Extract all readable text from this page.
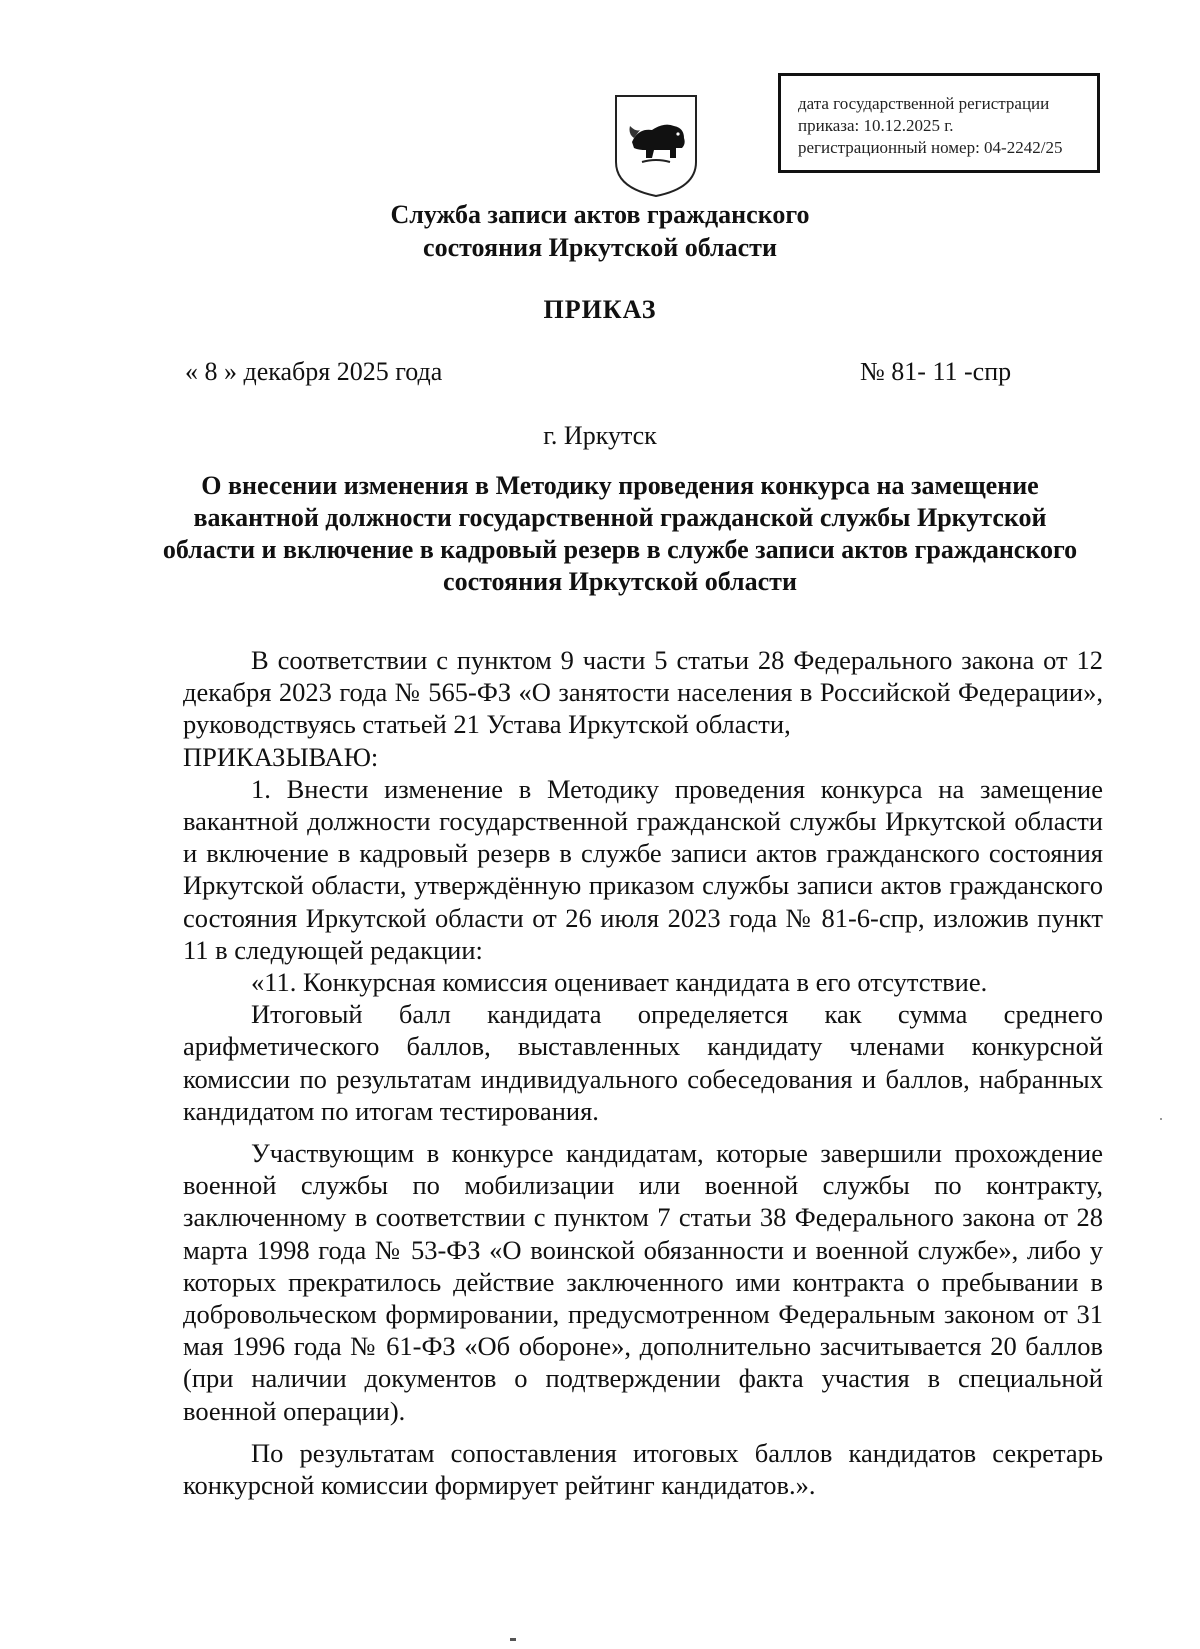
дата государственной регистрации
приказа: 10.12.2025 г.
регистрационный номер: 04-2242/25
Служба записи актов гражданского
состояния Иркутской области
ПРИКАЗ
« 8 » декабря 2025 года	№ 81- 11 -спр
г. Иркутск
О внесении изменения в Методику проведения конкурса на замещение вакантной должности государственной гражданской службы Иркутской области и включение в кадровый резерв в службе записи актов гражданского состояния Иркутской области

В соответствии с пунктом 9 части 5 статьи 28 Федерального закона от 12 декабря 2023 года № 565-ФЗ «О занятости населения в Российской Федерации», руководствуясь статьей 21 Устава Иркутской области,

ПРИКАЗЫВАЮ:

1. Внести изменение в Методику проведения конкурса на замещение вакантной должности государственной гражданской службы Иркутской области и включение в кадровый резерв в службе записи актов гражданского состояния Иркутской области, утверждённую приказом службы записи актов гражданского состояния Иркутской области от 26 июля 2023 года № 81-6-спр, изложив пункт 11 в следующей редакции:

«11. Конкурсная комиссия оценивает кандидата в его отсутствие.

Итоговый балл кандидата определяется как сумма среднего арифметического баллов, выставленных кандидату членами конкурсной комиссии по результатам индивидуального собеседования и баллов, набранных кандидатом по итогам тестирования.

Участвующим в конкурсе кандидатам, которые завершили прохождение военной службы по мобилизации или военной службы по контракту, заключенному в соответствии с пунктом 7 статьи 38 Федерального закона от 28 марта 1998 года № 53-ФЗ «О воинской обязанности и военной службе», либо у которых прекратилось действие заключенного ими контракта о пребывании в добровольческом формировании, предусмотренном Федеральным законом от 31 мая 1996 года № 61-ФЗ «Об обороне», дополнительно засчитывается 20 баллов (при наличии документов о подтверждении факта участия в специальной военной операции).

По результатам сопоставления итоговых баллов кандидатов секретарь конкурсной комиссии формирует рейтинг кандидатов.».
